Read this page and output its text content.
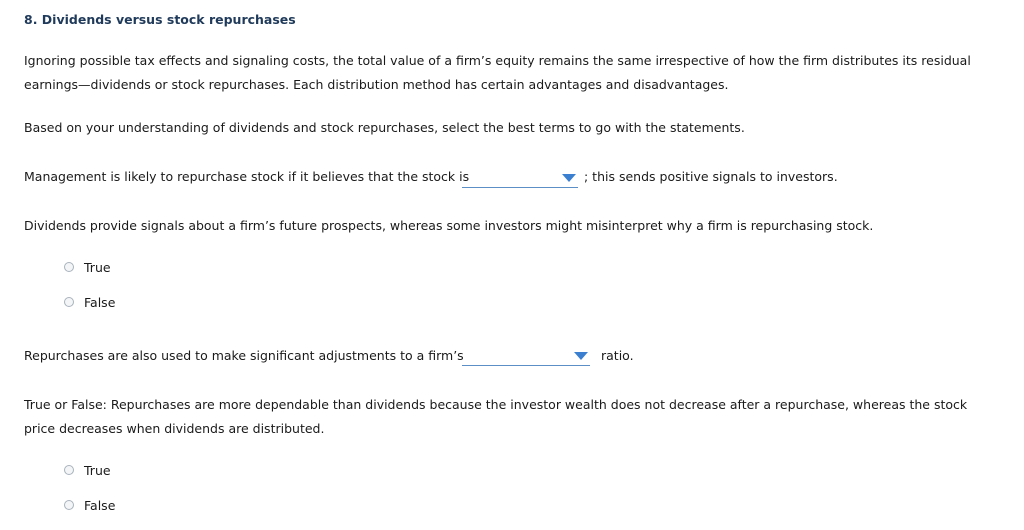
8. Dividends versus stock repurchases
Ignoring possible tax effects and signaling costs, the total value of a firm’s equity remains the same irrespective of how the firm distributes its residual
earnings—dividends or stock repurchases. Each distribution method has certain advantages and disadvantages.
Based on your understanding of dividends and stock repurchases, select the best terms to go with the statements.
Management is likely to repurchase stock if it believes that the stock is	; this sends positive signals to investors.
Dividends provide signals about a firm’s future prospects, whereas some investors might misinterpret why a firm is repurchasing stock.
True
False
Repurchases are also used to make significant adjustments to a firm’s	ratio.
True or False: Repurchases are more dependable than dividends because the investor wealth does not decrease after a repurchase, whereas the stock
price decreases when dividends are distributed.
True
False
